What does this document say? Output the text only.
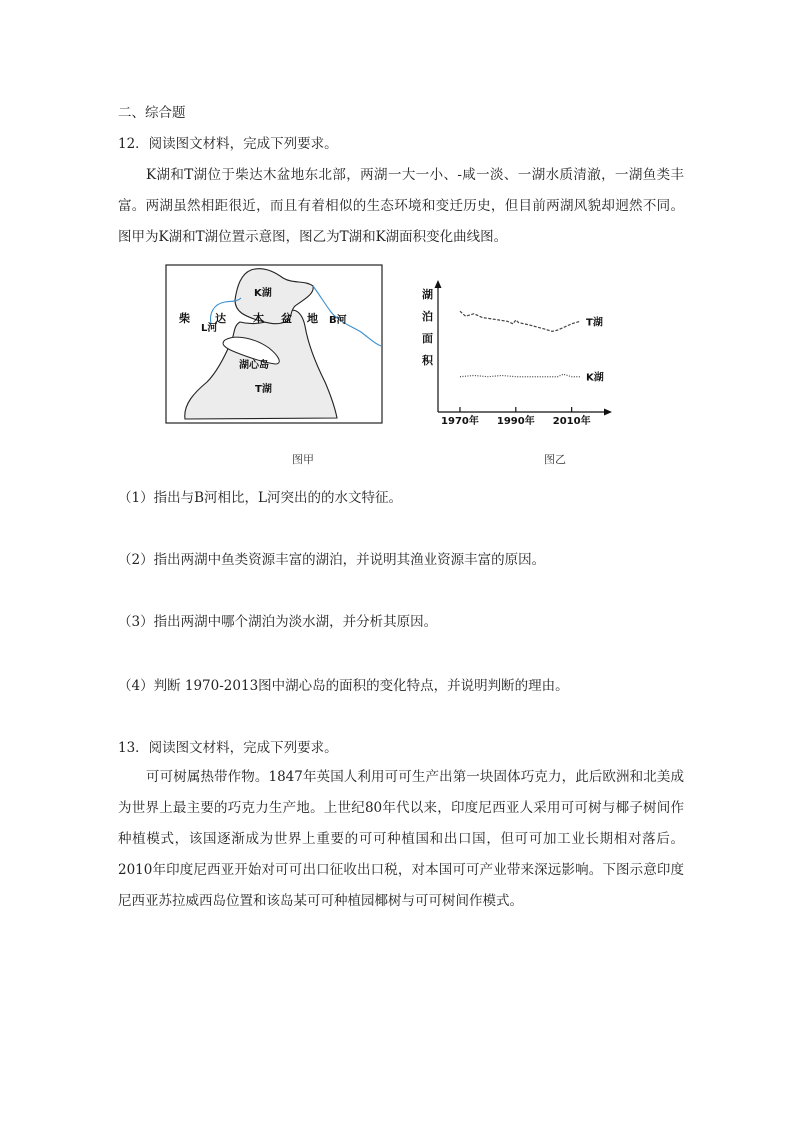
二、综合题
12．阅读图文材料，完成下列要求。
K湖和T湖位于柴达木盆地东北部，两湖一大一小、-咸一淡、一湖水质清澈，一湖鱼类丰富。两湖虽然相距很近，而且有着相似的生态环境和变迁历史，但目前两湖风貌却迥然不同。图甲为K湖和T湖位置示意图，图乙为T湖和K湖面积变化曲线图。
K湖
湖心岛
T湖
柴 达 木 盆 地
L河
B河
图甲
湖
泊
面
积
T湖
K湖
1970年 1990年 2010年
图乙
（1）指出与B河相比，L河突出的的水文特征。
（2）指出两湖中鱼类资源丰富的湖泊，并说明其渔业资源丰富的原因。
（3）指出两湖中哪个湖泊为淡水湖，并分析其原因。
（4）判断 1970-2013图中湖心岛的面积的变化特点，并说明判断的理由。
13．阅读图文材料，完成下列要求。
可可树属热带作物。1847年英国人利用可可生产出第一块固体巧克力，此后欧洲和北美成为世界上最主要的巧克力生产地。上世纪80年代以来，印度尼西亚人采用可可树与椰子树间作种植模式，该国逐渐成为世界上重要的可可种植国和出口国，但可可加工业长期相对落后。2010年印度尼西亚开始对可可出口征收出口税，对本国可可产业带来深远影响。下图示意印度尼西亚苏拉威西岛位置和该岛某可可种植园椰树与可可树间作模式。
